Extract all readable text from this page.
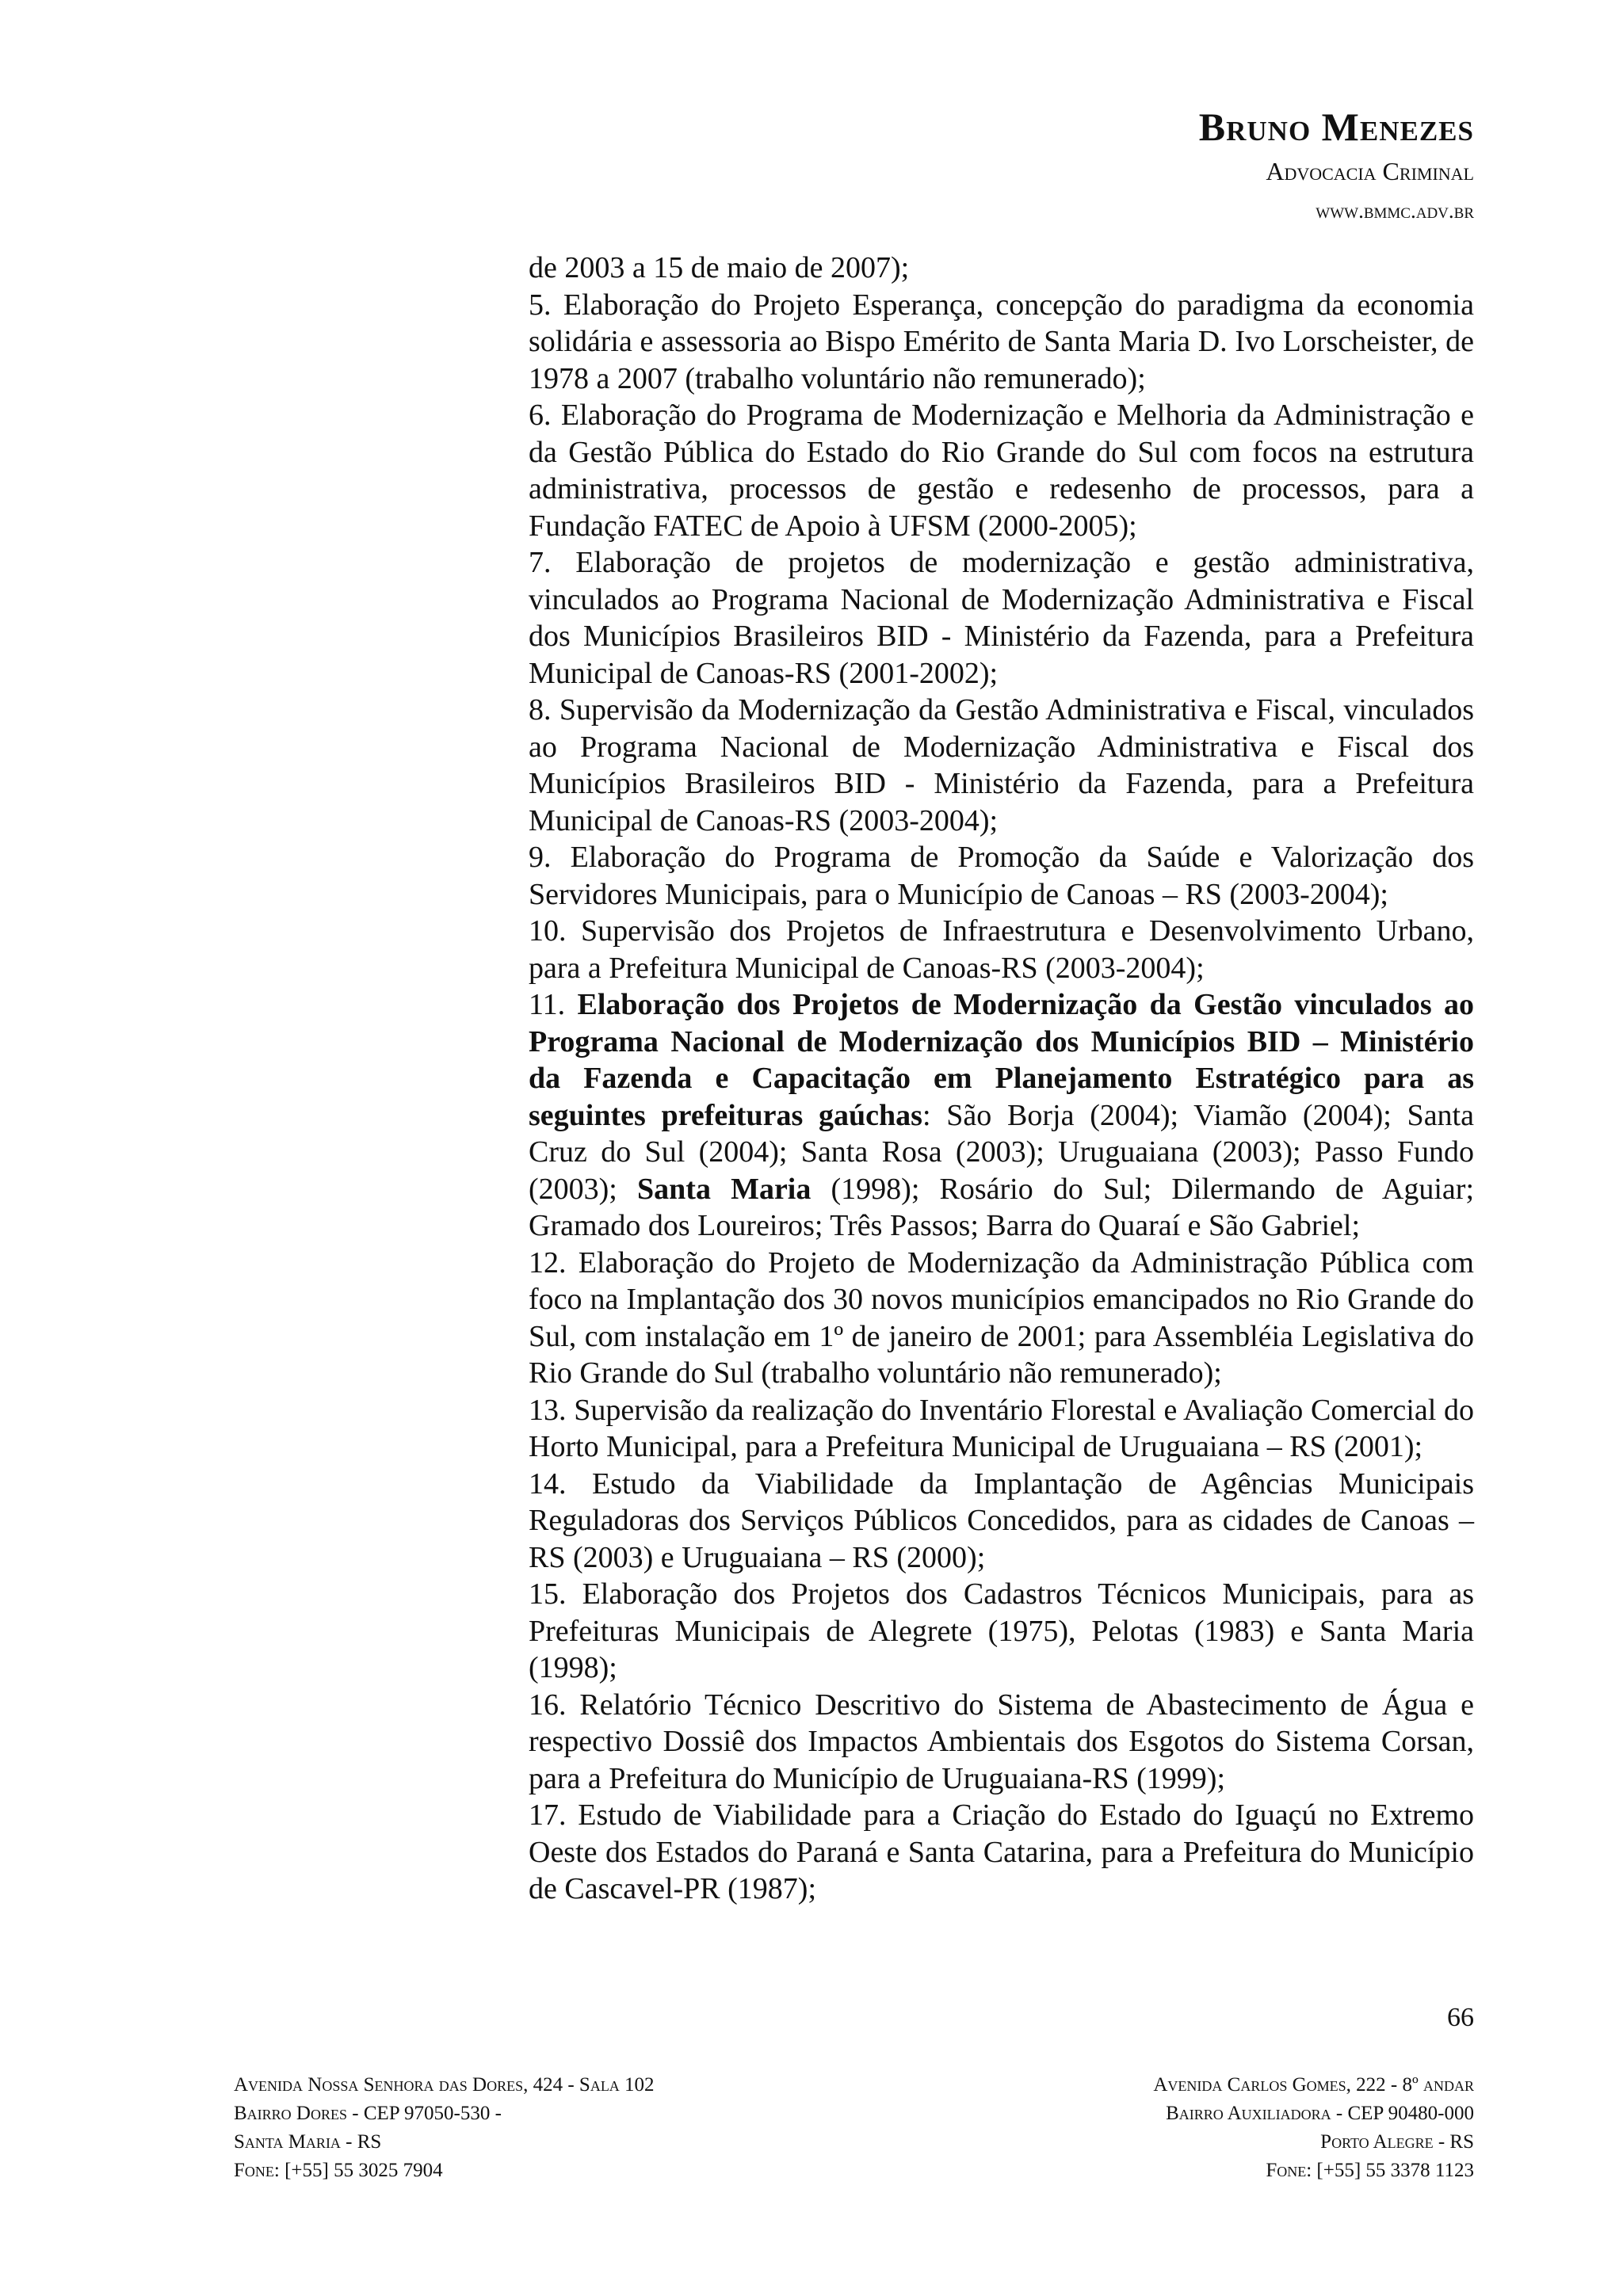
Bruno Menezes
Advocacia Criminal
www.bmmc.adv.br

de 2003 a 15 de maio de 2007);

5. Elaboração do Projeto Esperança, concepção do paradigma da economia solidária e assessoria ao Bispo Emérito de Santa Maria D. Ivo Lorscheister, de 1978 a 2007 (trabalho voluntário não remunerado);

6. Elaboração do Programa de Modernização e Melhoria da Administração e da Gestão Pública do Estado do Rio Grande do Sul com focos na estrutura administrativa, processos de gestão e redesenho de processos, para a Fundação FATEC de Apoio à UFSM (2000-2005);

7. Elaboração de projetos de modernização e gestão administrativa, vinculados ao Programa Nacional de Modernização Administrativa e Fiscal dos Municípios Brasileiros BID - Ministério da Fazenda, para a Prefeitura Municipal de Canoas-RS (2001-2002);

8. Supervisão da Modernização da Gestão Administrativa e Fiscal, vinculados ao Programa Nacional de Modernização Administrativa e Fiscal dos Municípios Brasileiros BID - Ministério da Fazenda, para a Prefeitura Municipal de Canoas-RS (2003-2004);

9. Elaboração do Programa de Promoção da Saúde e Valorização dos Servidores Municipais, para o Município de Canoas – RS (2003-2004);

10. Supervisão dos Projetos de Infraestrutura e Desenvolvimento Urbano, para a Prefeitura Municipal de Canoas-RS (2003-2004);

11. Elaboração dos Projetos de Modernização da Gestão vinculados ao Programa Nacional de Modernização dos Municípios BID – Ministério da Fazenda e Capacitação em Planejamento Estratégico para as seguintes prefeituras gaúchas: São Borja (2004); Viamão (2004); Santa Cruz do Sul (2004); Santa Rosa (2003); Uruguaiana (2003); Passo Fundo (2003); Santa Maria (1998); Rosário do Sul; Dilermando de Aguiar; Gramado dos Loureiros; Três Passos; Barra do Quaraí e São Gabriel;

12. Elaboração do Projeto de Modernização da Administração Pública com foco na Implantação dos 30 novos municípios emancipados no Rio Grande do Sul, com instalação em 1º de janeiro de 2001; para Assembléia Legislativa do Rio Grande do Sul (trabalho voluntário não remunerado);

13. Supervisão da realização do Inventário Florestal e Avaliação Comercial do Horto Municipal, para a Prefeitura Municipal de Uruguaiana – RS (2001);

14. Estudo da Viabilidade da Implantação de Agências Municipais Reguladoras dos Serviços Públicos Concedidos, para as cidades de Canoas – RS (2003) e Uruguaiana – RS (2000);

15. Elaboração dos Projetos dos Cadastros Técnicos Municipais, para as Prefeituras Municipais de Alegrete (1975), Pelotas (1983) e Santa Maria (1998);

16. Relatório Técnico Descritivo do Sistema de Abastecimento de Água e respectivo Dossiê dos Impactos Ambientais dos Esgotos do Sistema Corsan, para a Prefeitura do Município de Uruguaiana-RS (1999);

17. Estudo de Viabilidade para a Criação do Estado do Iguaçú no Extremo Oeste dos Estados do Paraná e Santa Catarina, para a Prefeitura do Município de Cascavel-PR (1987);

66
Avenida Nossa Senhora das Dores, 424 - Sala 102
Bairro Dores - CEP 97050-530 -
Santa Maria - RS
Fone: [+55] 55 3025 7904
Avenida Carlos Gomes, 222 - 8º andar
Bairro Auxiliadora - CEP 90480-000
Porto Alegre - RS
Fone: [+55] 55 3378 1123
